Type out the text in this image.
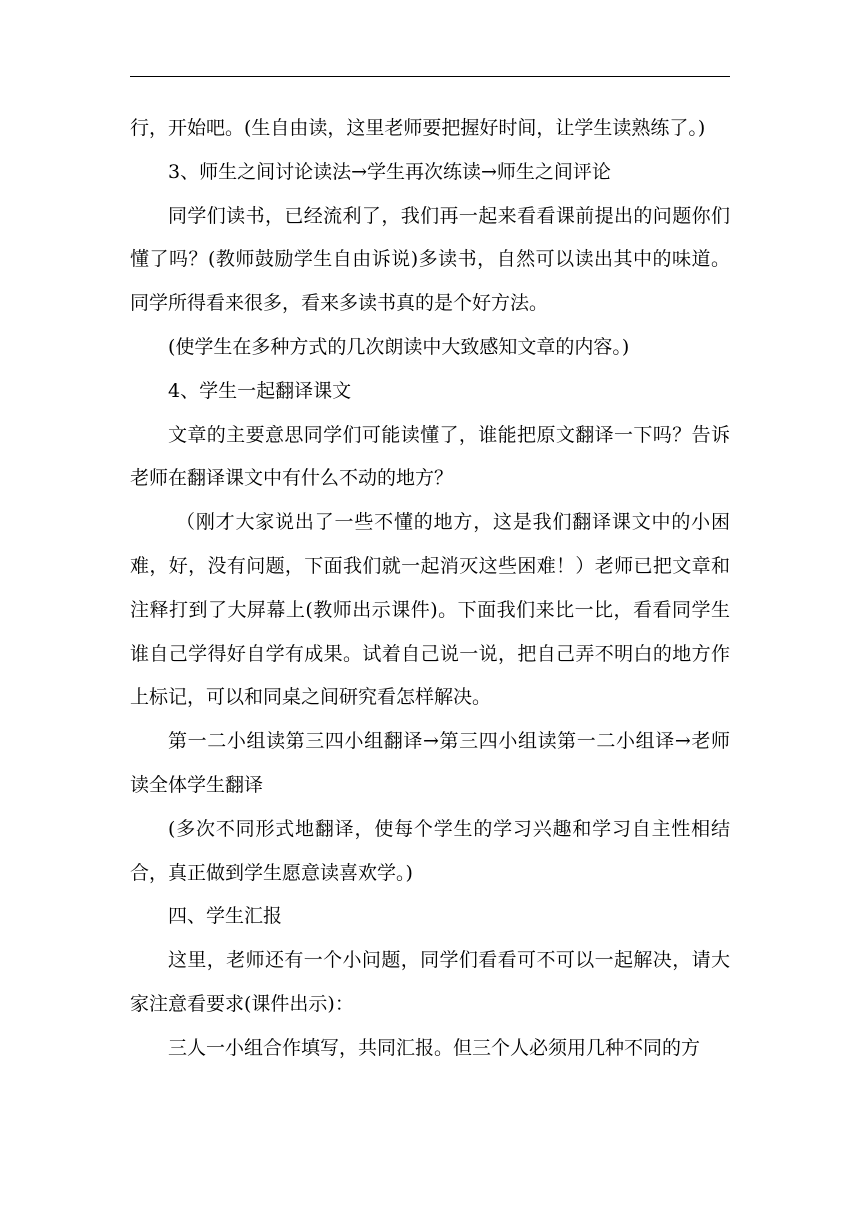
行，开始吧。(生自由读，这里老师要把握好时间，让学生读熟练了。)

3、师生之间讨论读法→学生再次练读→师生之间评论

同学们读书，已经流利了，我们再一起来看看课前提出的问题你们懂了吗？(教师鼓励学生自由诉说)多读书，自然可以读出其中的味道。同学所得看来很多，看来多读书真的是个好方法。

(使学生在多种方式的几次朗读中大致感知文章的内容。)

4、学生一起翻译课文

文章的主要意思同学们可能读懂了，谁能把原文翻译一下吗？告诉老师在翻译课文中有什么不动的地方？

（刚才大家说出了一些不懂的地方，这是我们翻译课文中的小困难，好，没有问题，下面我们就一起消灭这些困难！）老师已把文章和注释打到了大屏幕上(教师出示课件)。下面我们来比一比，看看同学生谁自己学得好自学有成果。试着自己说一说，把自己弄不明白的地方作上标记，可以和同桌之间研究看怎样解决。

第一二小组读第三四小组翻译→第三四小组读第一二小组译→老师读全体学生翻译

(多次不同形式地翻译，使每个学生的学习兴趣和学习自主性相结合，真正做到学生愿意读喜欢学。)

四、学生汇报

这里，老师还有一个小问题，同学们看看可不可以一起解决，请大家注意看要求(课件出示)：

三人一小组合作填写，共同汇报。但三个人必须用几种不同的方
